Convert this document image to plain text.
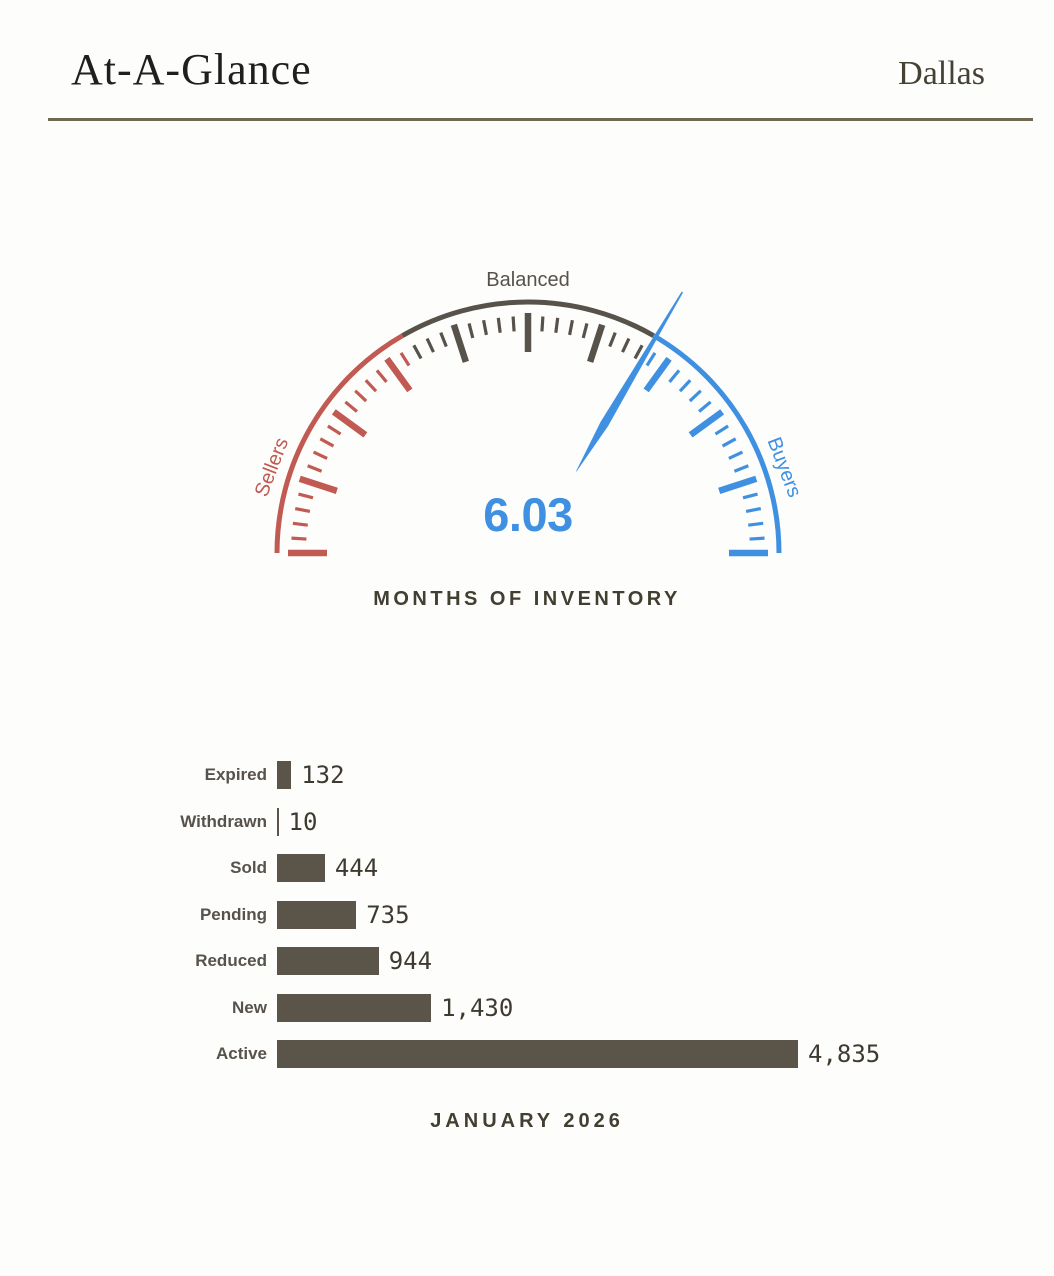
At-A-Glance	Dallas
Sellers
Balanced
Buyers
6.03
MONTHS OF INVENTORY
Expired 132
Withdrawn 10
Sold	444
Pending	735
Reduced	944
New	1,430
Active	4,835
JANUARY 2026
